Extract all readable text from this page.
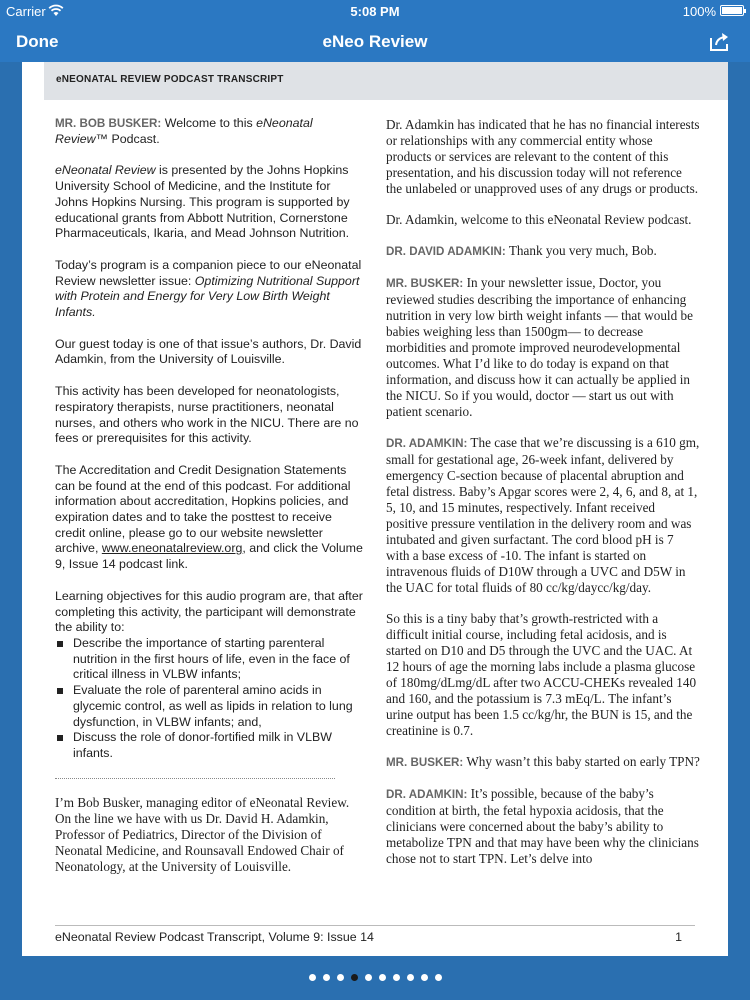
Carrier	5:08 PM	100%
Done	eNeo Review
eNEONATAL REVIEW PODCAST TRANSCRIPT

MR. BOB BUSKER: Welcome to this eNeonatal Review™ Podcast.

eNeonatal Review is presented by the Johns Hopkins University School of Medicine, and the Institute for Johns Hopkins Nursing. This program is supported by educational grants from Abbott Nutrition, Cornerstone Pharmaceuticals, Ikaria, and Mead Johnson Nutrition.

Today’s program is a companion piece to our eNeonatal Review newsletter issue: Optimizing Nutritional Support with Protein and Energy for Very Low Birth Weight Infants.

Our guest today is one of that issue’s authors, Dr. David Adamkin, from the University of Louisville.

This activity has been developed for neonatologists, respiratory therapists, nurse practitioners, neonatal nurses, and others who work in the NICU. There are no fees or prerequisites for this activity.

The Accreditation and Credit Designation Statements can be found at the end of this podcast. For additional information about accreditation, Hopkins policies, and expiration dates and to take the posttest to receive credit online, please go to our website newsletter archive, www.eneonatalreview.org, and click the Volume 9, Issue 14 podcast link.

Learning objectives for this audio program are, that after completing this activity, the participant will demonstrate the ability to:

Describe the importance of starting parenteral nutrition in the first hours of life, even in the face of critical illness in VLBW infants;
Evaluate the role of parenteral amino acids in glycemic control, as well as lipids in relation to lung dysfunction, in VLBW infants; and,
Discuss the role of donor-fortified milk in VLBW infants.

I’m Bob Busker, managing editor of eNeonatal Review. On the line we have with us Dr. David H. Adamkin, Professor of Pediatrics, Director of the Division of Neonatal Medicine, and Rounsavall Endowed Chair of Neonatology, at the University of Louisville.

Dr. Adamkin has indicated that he has no financial interests or relationships with any commercial entity whose products or services are relevant to the content of this presentation, and his discussion today will not reference the unlabeled or unapproved uses of any drugs or products.

Dr. Adamkin, welcome to this eNeonatal Review podcast.

DR. DAVID ADAMKIN: Thank you very much, Bob.

MR. BUSKER: In your newsletter issue, Doctor, you reviewed studies describing the importance of enhancing nutrition in very low birth weight infants — that would be babies weighing less than 1500gm— to decrease morbidities and promote improved neurodevelopmental outcomes. What I’d like to do today is expand on that information, and discuss how it can actually be applied in the NICU. So if you would, doctor — start us out with patient scenario.

DR. ADAMKIN: The case that we’re discussing is a 610 gm, small for gestational age, 26-week infant, delivered by emergency C-section because of placental abruption and fetal distress. Baby’s Apgar scores were 2, 4, 6, and 8, at 1, 5, 10, and 15 minutes, respectively. Infant received positive pressure ventilation in the delivery room and was intubated and given surfactant. The cord blood pH is 7 with a base excess of -10. The infant is started on intravenous fluids of D10W through a UVC and D5W in the UAC for total fluids of 80 cc/kg/daycc/kg/day.

So this is a tiny baby that’s growth-restricted with a difficult initial course, including fetal acidosis, and is started on D10 and D5 through the UVC and the UAC. At 12 hours of age the morning labs include a plasma glucose of 180mg/dLmg/dL after two ACCU-CHEKs revealed 140 and 160, and the potassium is 7.3 mEq/L. The infant’s urine output has been 1.5 cc/kg/hr, the BUN is 15, and the creatinine is 0.7.

MR. BUSKER: Why wasn’t this baby started on early TPN?

DR. ADAMKIN: It’s possible, because of the baby’s condition at birth, the fetal hypoxia acidosis, that the clinicians were concerned about the baby’s ability to metabolize TPN and that may have been why the clinicians chose not to start TPN. Let’s delve into

eNeonatal Review Podcast Transcript, Volume 9: Issue 14	1
